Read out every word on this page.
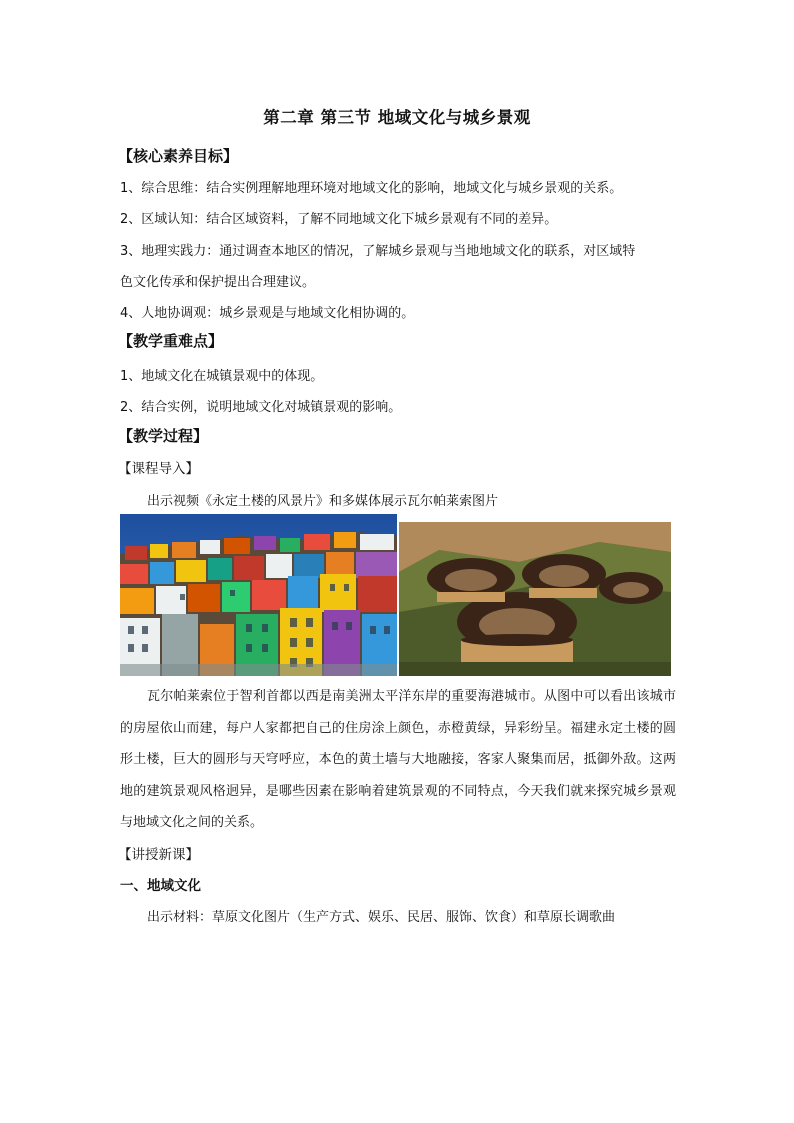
第二章 第三节 地域文化与城乡景观
【核心素养目标】
1、综合思维：结合实例理解地理环境对地域文化的影响，地域文化与城乡景观的关系。
2、区域认知：结合区域资料，了解不同地域文化下城乡景观有不同的差异。
3、地理实践力：通过调查本地区的情况，了解城乡景观与当地地域文化的联系，对区域特
色文化传承和保护提出合理建议。
4、人地协调观：城乡景观是与地域文化相协调的。
【教学重难点】
1、地域文化在城镇景观中的体现。
2、结合实例，说明地域文化对城镇景观的影响。
【教学过程】
【课程导入】
出示视频《永定土楼的风景片》和多媒体展示瓦尔帕莱索图片
瓦尔帕莱索位于智利首都以西是南美洲太平洋东岸的重要海港城市。从图中可以看出该城市的房屋依山而建，每户人家都把自己的住房涂上颜色，赤橙黄绿，异彩纷呈。福建永定土楼的圆形土楼，巨大的圆形与天穹呼应，本色的黄土墙与大地融接，客家人聚集而居，抵御外敌。这两地的建筑景观风格迥异，是哪些因素在影响着建筑景观的不同特点，今天我们就来探究城乡景观与地域文化之间的关系。
【讲授新课】
一、地域文化
出示材料：草原文化图片（生产方式、娱乐、民居、服饰、饮食）和草原长调歌曲
